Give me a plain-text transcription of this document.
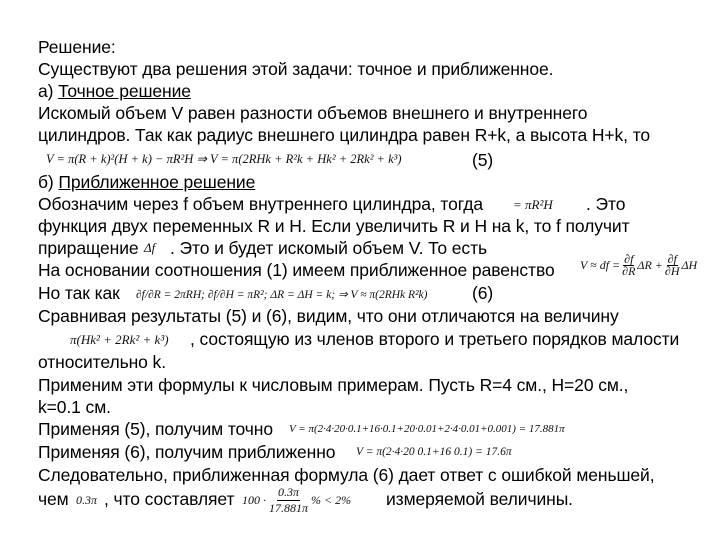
Решение:
Существуют два решения этой задачи: точное и приближенное.
а) Точное решение
Искомый объем V равен разности объемов внешнего и внутреннего
цилиндров. Так как радиус внешнего цилиндра равен R+k, а высота H+k, то
V = π(R + k)²(H + k) − πR²H ⇒ V = π(2RHk + R²k + Hk² + 2Rk² + k³)	(5)
б) Приближенное решение
Обозначим через f объем внутреннего цилиндра, тогда = πR²H . Это
функция двух переменных R и H. Если увеличить R и H на k, то f получит
приращение Δf . Это и будет искомый объем V. То есть
На основании соотношения (1) имеем приближенное равенство V ≈ df = $\frac{\partial f}{\partial R}$ $\Delta R + \frac{\partial f}{\partial H}$ ΔH
Но так как ∂f/∂R = 2πRH; ∂f/∂H = πR²; ΔR = ΔH = k; ⇒ V ≈ π(2RHk R²k)	(6)
Сравнивая результаты (5) и (6), видим, что они отличаются на величину
π(Hk² + 2Rk² + k³) , состоящую из членов второго и третьего порядков малости
относительно k.
Применим эти формулы к числовым примерам. Пусть R=4 см., H=20 см.,
k=0.1 см.
Применяя (5), получим точно V = π(2·4·20·0.1+16·0.1+20·0.01+2·4·0.01+0.001) = 17.881π
Применяя (6), получим приближенно V = π(2·4·20 0.1+16 0.1) = 17.6π
Следовательно, приближенная формула (6) дает ответ с ошибкой меньшей,
чем 0.3π , что составляет $100 \cdot \frac{0.3\pi}{17.881\pi}$ % < 2% измеряемой величины.
